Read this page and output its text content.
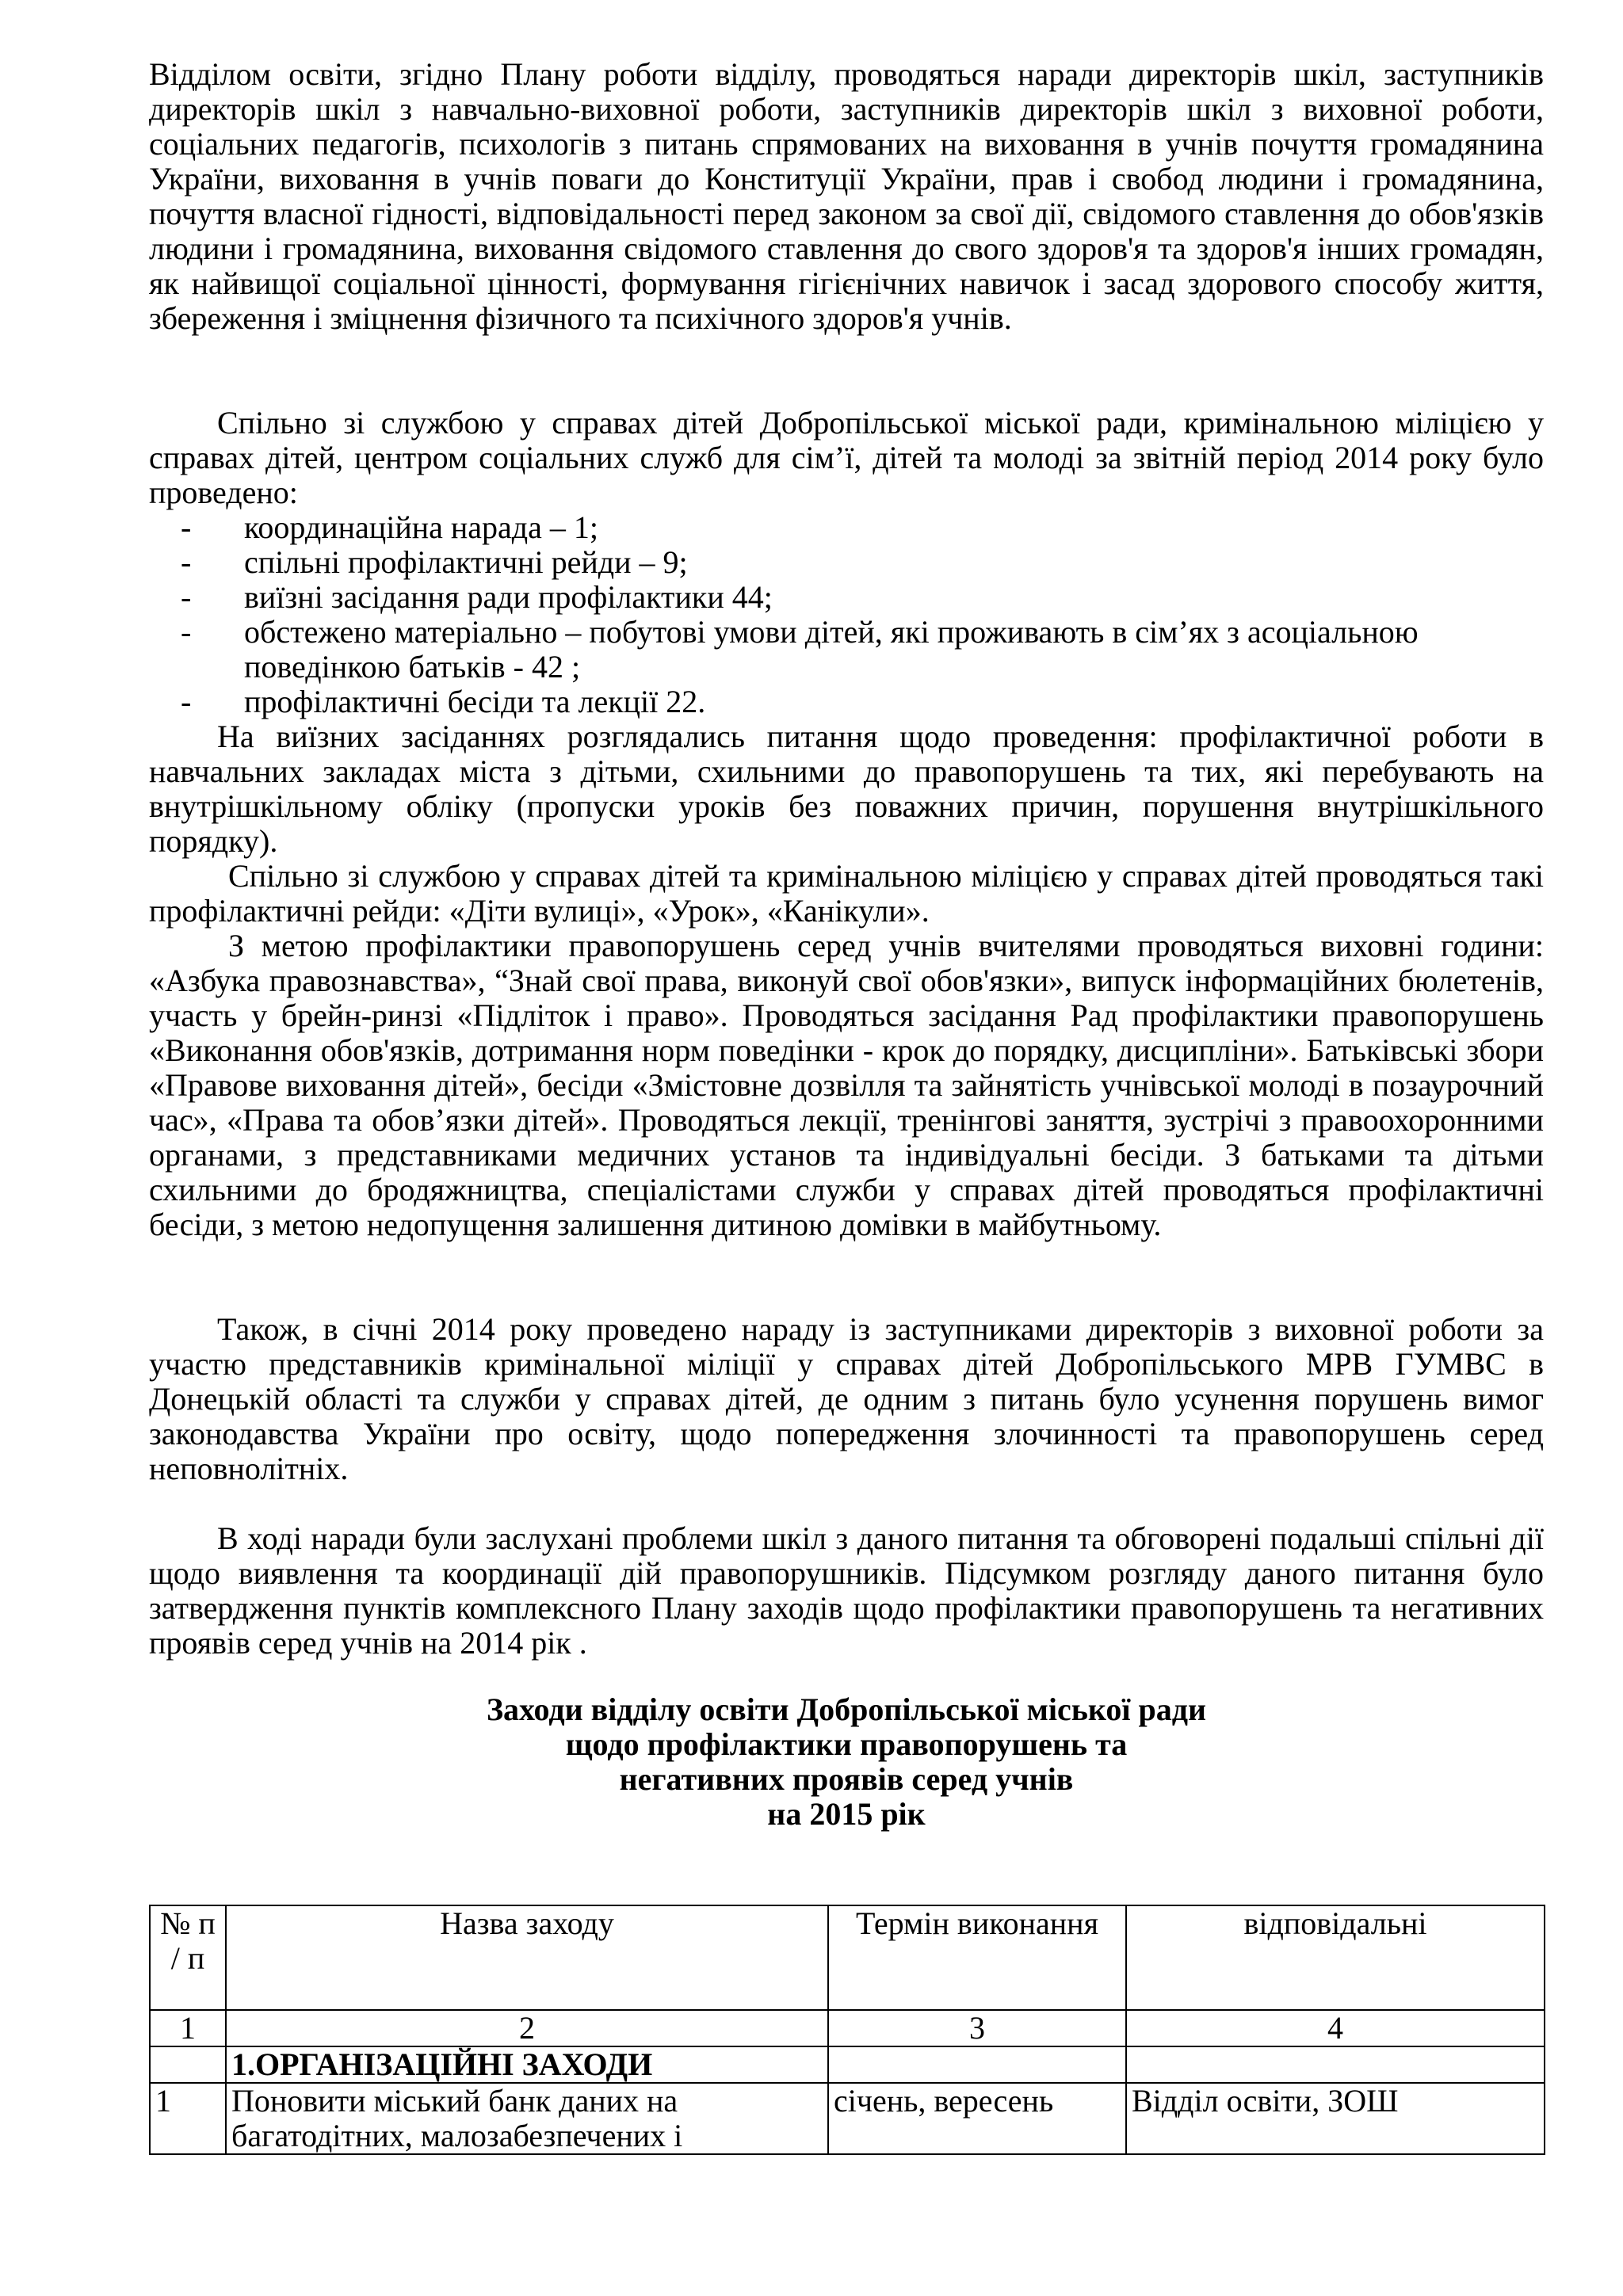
Відділом освіти, згідно Плану роботи відділу, проводяться наради директорів шкіл, заступників директорів шкіл з навчально-виховної роботи, заступників директорів шкіл з виховної роботи, соціальних педагогів, психологів з питань спрямованих на виховання в учнів почуття громадянина України, виховання в учнів поваги до Конституції України, прав і свобод людини і громадянина, почуття власної гідності, відповідальності перед законом за свої дії, свідомого ставлення до обов'язків людини і громадянина, виховання свідомого ставлення до свого здоров'я та здоров'я інших громадян, як найвищої соціальної цінності, формування гігієнічних навичок і засад здорового способу життя, збереження і зміцнення фізичного та психічного здоров'я учнів.

Спільно зі службою у справах дітей Добропільської міської ради, кримінальною міліцією у справах дітей, центром соціальних служб для сім’ї, дітей та молоді за звітній період 2014 року було проведено:

- координаційна нарада – 1;
- спільні профілактичні рейди – 9;
- виїзні засідання ради профілактики 44;
- обстежено матеріально – побутові умови дітей, які проживають в сім’ях з асоціальною
поведінкою батьків - 42 ;
- профілактичні бесіди та лекції 22.

На виїзних засіданнях розглядались питання щодо проведення: профілактичної роботи в навчальних закладах міста з дітьми, схильними до правопорушень та тих, які перебувають на внутрішкільному обліку (пропуски уроків без поважних причин, порушення внутрішкільного порядку).

Спільно зі службою у справах дітей та кримінальною міліцією у справах дітей проводяться такі профілактичні рейди: «Діти вулиці», «Урок», «Канікули».

З метою профілактики правопорушень серед учнів вчителями проводяться виховні години: «Азбука правознавства», “Знай свої права, виконуй свої обов'язки», випуск інформаційних бюлетенів, участь у брейн-ринзі «Підліток і право». Проводяться засідання Рад профілактики правопорушень «Виконання обов'язків, дотримання норм поведінки - крок до порядку, дисципліни». Батьківські збори «Правове виховання дітей», бесіди «Змістовне дозвілля та зайнятість учнівської молоді в позаурочний час», «Права та обов’язки дітей». Проводяться лекції, тренінгові заняття, зустрічі з правоохоронними органами, з представниками медичних установ та індивідуальні бесіди. З батьками та дітьми схильними до бродяжництва, спеціалістами служби у справах дітей проводяться профілактичні бесіди, з метою недопущення залишення дитиною домівки в майбутньому.

Також, в січні 2014 року проведено нараду із заступниками директорів з виховної роботи за участю представників кримінальної міліції у справах дітей Добропільського МРВ ГУМВС в Донецькій області та служби у справах дітей, де одним з питань було усунення порушень вимог законодавства України про освіту, щодо попередження злочинності та правопорушень серед неповнолітніх.

В ході наради були заслухані проблеми шкіл з даного питання та обговорені подальші спільні дії щодо виявлення та координації дій правопорушників. Підсумком розгляду даного питання було затвердження пунктів комплексного Плану заходів щодо профілактики правопорушень та негативних проявів серед учнів на 2014 рік .

Заходи відділу освіти Добропільської міської ради
щодо профілактики правопорушень та
негативних проявів серед учнів
на 2015 рік
№ п / п	Назва заходу	Термін виконання	відповідальні
1	2	3	4
	1.ОРГАНІЗАЦІЙНІ ЗАХОДИ		
1	Поновити міський банк даних на багатодітних, малозабезпечених і	січень, вересень	Відділ освіти, ЗОШ
